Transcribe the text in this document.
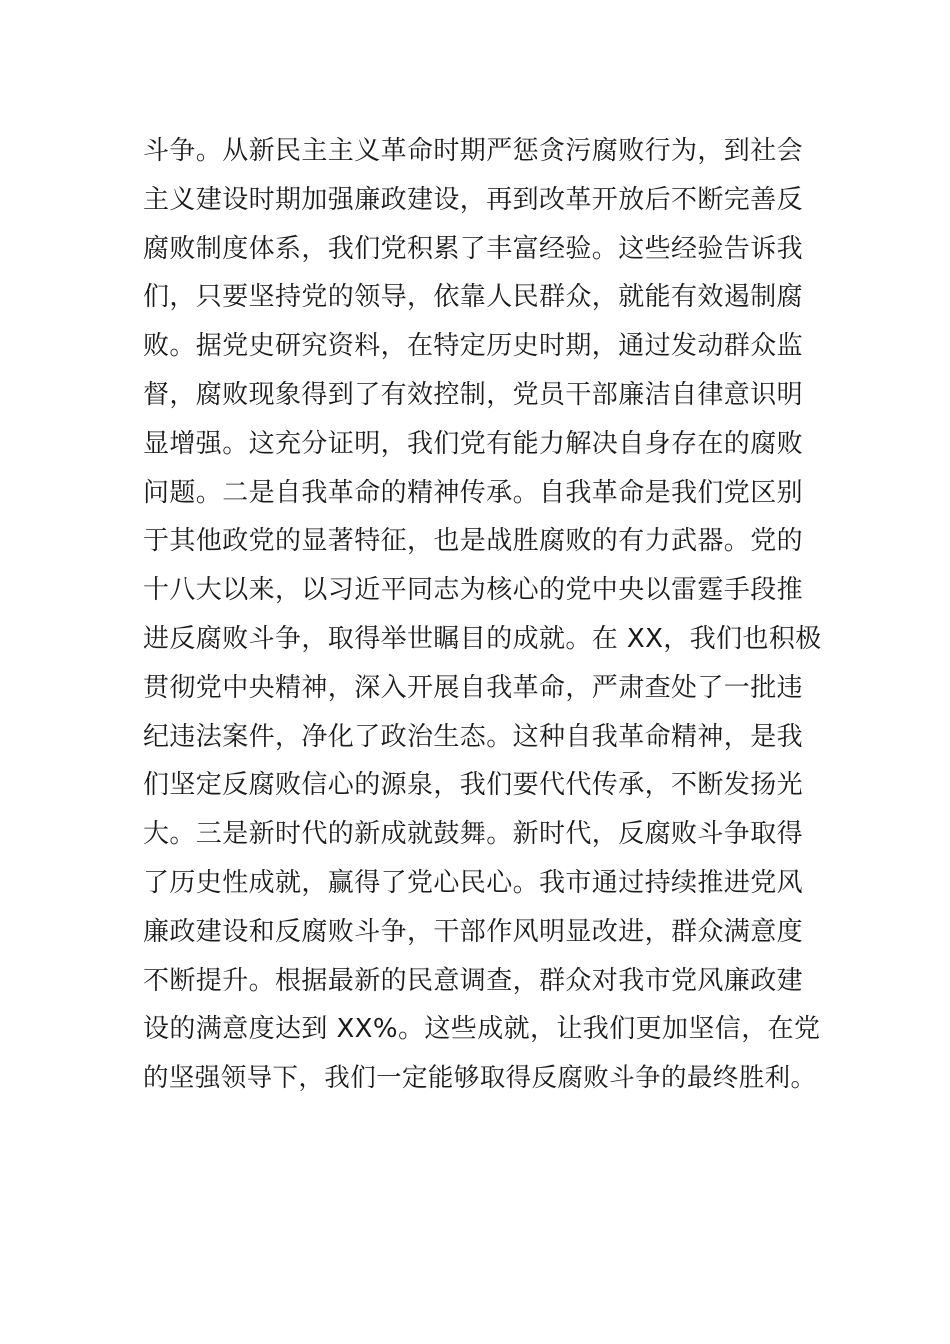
斗争。从新民主主义革命时期严惩贪污腐败行为，到社会
主义建设时期加强廉政建设，再到改革开放后不断完善反
腐败制度体系，我们党积累了丰富经验。这些经验告诉我
们，只要坚持党的领导，依靠人民群众，就能有效遏制腐
败。据党史研究资料，在特定历史时期，通过发动群众监
督，腐败现象得到了有效控制，党员干部廉洁自律意识明
显增强。这充分证明，我们党有能力解决自身存在的腐败
问题。二是自我革命的精神传承。自我革命是我们党区别
于其他政党的显著特征，也是战胜腐败的有力武器。党的
十八大以来，以习近平同志为核心的党中央以雷霆手段推
进反腐败斗争，取得举世瞩目的成就。在 XX，我们也积极
贯彻党中央精神，深入开展自我革命，严肃查处了一批违
纪违法案件，净化了政治生态。这种自我革命精神，是我
们坚定反腐败信心的源泉，我们要代代传承，不断发扬光
大。三是新时代的新成就鼓舞。新时代，反腐败斗争取得
了历史性成就，赢得了党心民心。我市通过持续推进党风
廉政建设和反腐败斗争，干部作风明显改进，群众满意度
不断提升。根据最新的民意调查，群众对我市党风廉政建
设的满意度达到 XX%。这些成就，让我们更加坚信，在党
的坚强领导下，我们一定能够取得反腐败斗争的最终胜利。
